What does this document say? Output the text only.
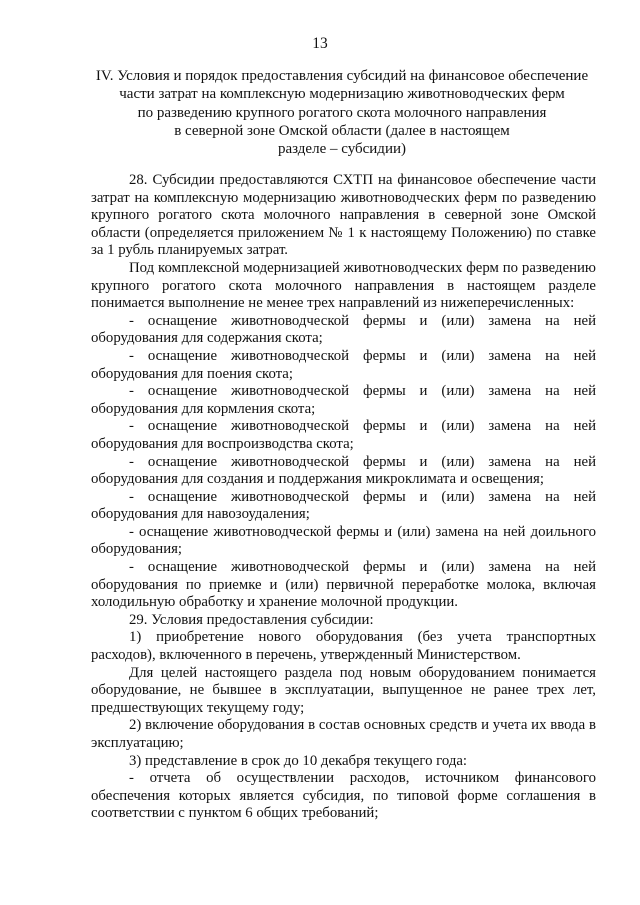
13
IV. Условия и порядок предоставления субсидий на финансовое обеспечение
части затрат на комплексную модернизацию животноводческих ферм
по разведению крупного рогатого скота молочного направления
в северной зоне Омской области (далее в настоящем
разделе – субсидии)

28. Субсидии предоставляются СХТП на финансовое обеспечение части затрат на комплексную модернизацию животноводческих ферм по разведению крупного рогатого скота молочного направления в северной зоне Омской области (определяется приложением № 1 к настоящему Положению) по ставке за 1 рубль планируемых затрат.

Под комплексной модернизацией животноводческих ферм по разведению крупного рогатого скота молочного направления в настоящем разделе понимается выполнение не менее трех направлений из нижеперечисленных:

- оснащение животноводческой фермы и (или) замена на ней оборудования для содержания скота;

- оснащение животноводческой фермы и (или) замена на ней оборудования для поения скота;

- оснащение животноводческой фермы и (или) замена на ней оборудования для кормления скота;

- оснащение животноводческой фермы и (или) замена на ней оборудования для воспроизводства скота;

- оснащение животноводческой фермы и (или) замена на ней оборудования для создания и поддержания микроклимата и освещения;

- оснащение животноводческой фермы и (или) замена на ней оборудования для навозоудаления;

- оснащение животноводческой фермы и (или) замена на ней доильного оборудования;

- оснащение животноводческой фермы и (или) замена на ней оборудования по приемке и (или) первичной переработке молока, включая холодильную обработку и хранение молочной продукции.

29. Условия предоставления субсидии:

1) приобретение нового оборудования (без учета транспортных расходов), включенного в перечень, утвержденный Министерством.

Для целей настоящего раздела под новым оборудованием понимается оборудование, не бывшее в эксплуатации, выпущенное не ранее трех лет, предшествующих текущему году;

2) включение оборудования в состав основных средств и учета их ввода в эксплуатацию;

3) представление в срок до 10 декабря текущего года:

- отчета об осуществлении расходов, источником финансового обеспечения которых является субсидия, по типовой форме соглашения в соответствии с пунктом 6 общих требований;
